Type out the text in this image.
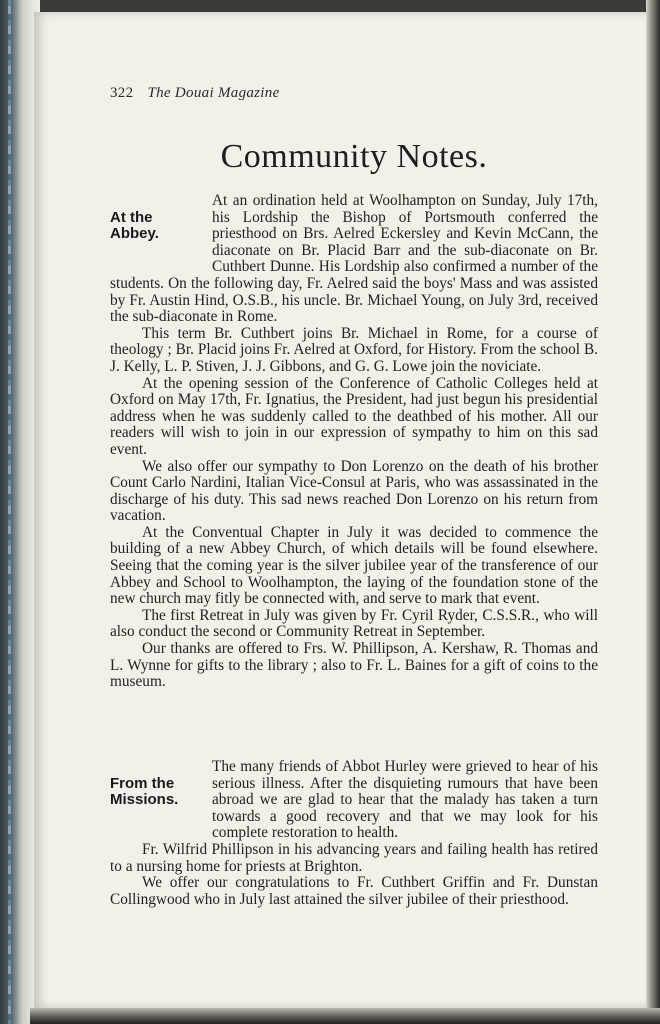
322 The Douai Magazine
Community Notes.
At the
Abbey.

At an ordination held at Woolhampton on Sunday, July 17th, his Lordship the Bishop of Portsmouth conferred the priesthood on Brs. Aelred Eckersley and Kevin McCann, the diaconate on Br. Placid Barr and the sub-diaconate on Br. Cuthbert Dunne. His Lordship also confirmed a number of the students. On the following day, Fr. Aelred said the boys' Mass and was assisted by Fr. Austin Hind, O.S.B., his uncle. Br. Michael Young, on July 3rd, received the sub-diaconate in Rome.

This term Br. Cuthbert joins Br. Michael in Rome, for a course of theology ; Br. Placid joins Fr. Aelred at Oxford, for History. From the school B. J. Kelly, L. P. Stiven, J. J. Gibbons, and G. G. Lowe join the noviciate.

At the opening session of the Conference of Catholic Colleges held at Oxford on May 17th, Fr. Ignatius, the President, had just begun his presidential address when he was suddenly called to the deathbed of his mother. All our readers will wish to join in our expression of sympathy to him on this sad event.

We also offer our sympathy to Don Lorenzo on the death of his brother Count Carlo Nardini, Italian Vice-Consul at Paris, who was assassinated in the discharge of his duty. This sad news reached Don Lorenzo on his return from vacation.

At the Conventual Chapter in July it was decided to commence the building of a new Abbey Church, of which details will be found elsewhere. Seeing that the coming year is the silver jubilee year of the transference of our Abbey and School to Woolhampton, the laying of the foundation stone of the new church may fitly be connected with, and serve to mark that event.

The first Retreat in July was given by Fr. Cyril Ryder, C.S.S.R., who will also conduct the second or Community Retreat in September.

Our thanks are offered to Frs. W. Phillipson, A. Kershaw, R. Thomas and L. Wynne for gifts to the library ; also to Fr. L. Baines for a gift of coins to the museum.

From the
Missions.

The many friends of Abbot Hurley were grieved to hear of his serious illness. After the disquieting rumours that have been abroad we are glad to hear that the malady has taken a turn towards a good recovery and that we may look for his complete restoration to health.

Fr. Wilfrid Phillipson in his advancing years and failing health has retired to a nursing home for priests at Brighton.

We offer our congratulations to Fr. Cuthbert Griffin and Fr. Dunstan Collingwood who in July last attained the silver jubilee of their priesthood.
